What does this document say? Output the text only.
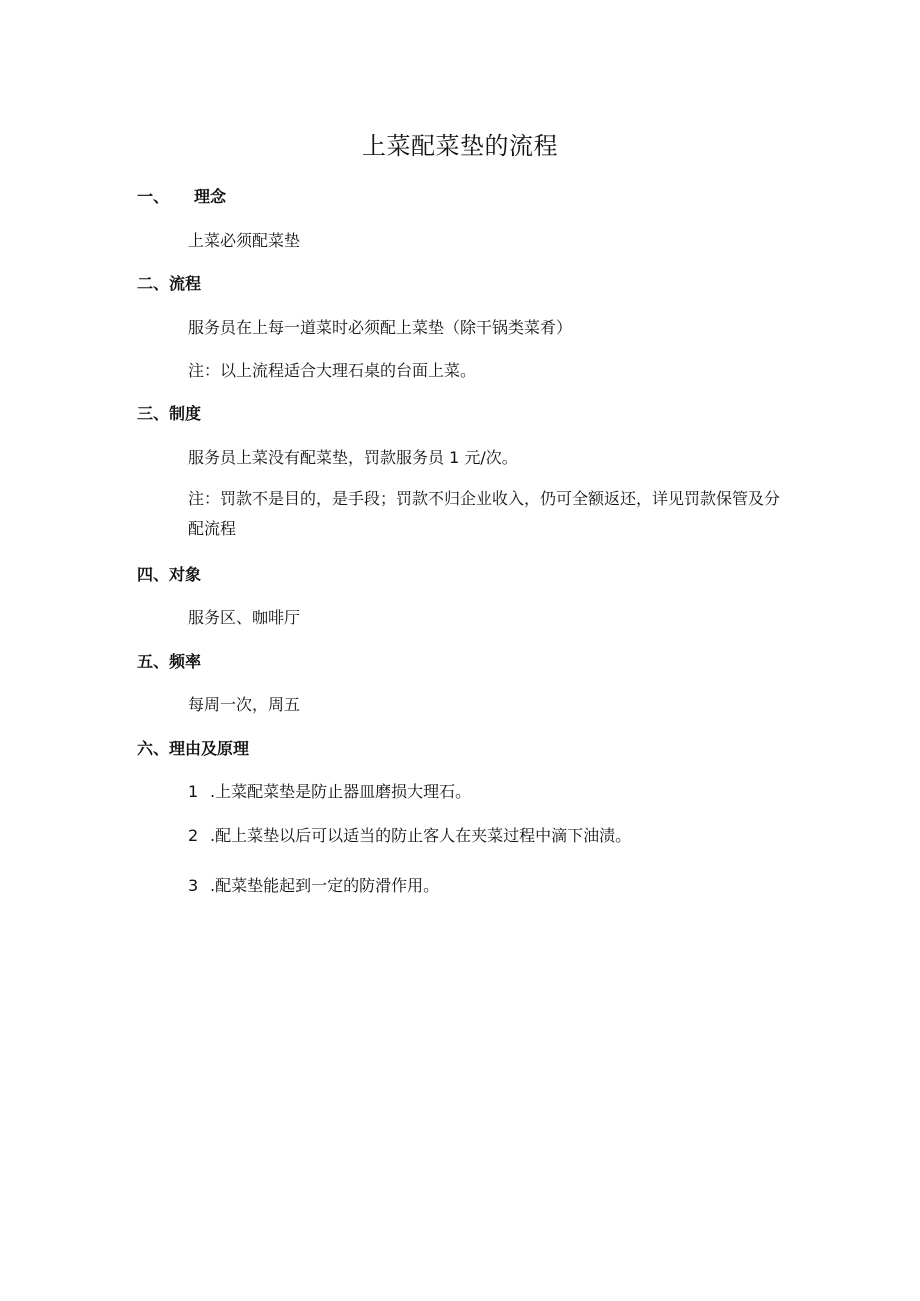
上菜配菜垫的流程
一、 理念

上菜必须配菜垫

二、流程

服务员在上每一道菜时必须配上菜垫（除干锅类菜肴）

注：以上流程适合大理石桌的台面上菜。

三、制度

服务员上菜没有配菜垫，罚款服务员 1 元/次。

注：罚款不是目的，是手段；罚款不归企业收入，仍可全额返还，详见罚款保管及分配流程

四、对象

服务区、咖啡厅

五、频率

每周一次，周五

六、理由及原理

1 .上菜配菜垫是防止器皿磨损大理石。

2 .配上菜垫以后可以适当的防止客人在夹菜过程中滴下油渍。

3 .配菜垫能起到一定的防滑作用。
